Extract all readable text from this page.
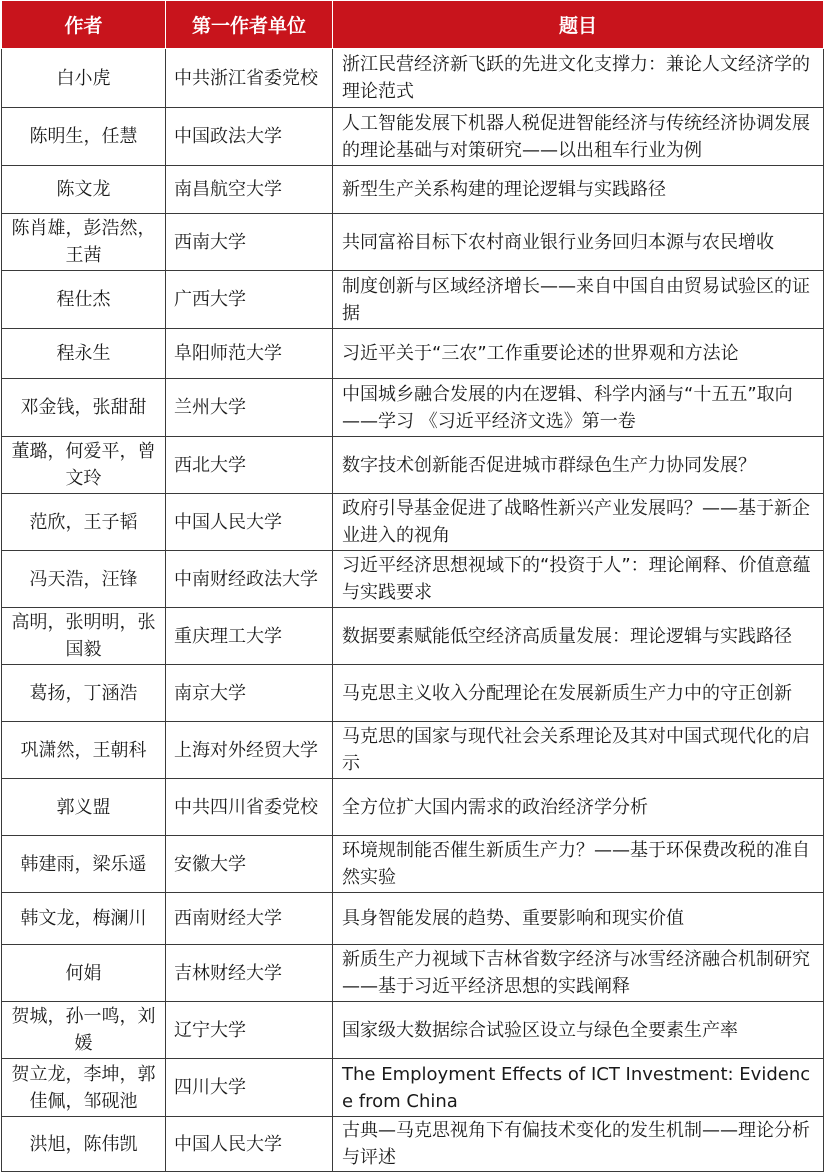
作者	第一作者单位	题目
白小虎	中共浙江省委党校	浙江民营经济新飞跃的先进文化支撑力：兼论人文经济学的理论范式
陈明生，任慧	中国政法大学	人工智能发展下机器人税促进智能经济与传统经济协调发展的理论基础与对策研究——以出租车行业为例
陈文龙	南昌航空大学	新型生产关系构建的理论逻辑与实践路径
陈肖雄，彭浩然，王茜	西南大学	共同富裕目标下农村商业银行业务回归本源与农民增收
程仕杰	广西大学	制度创新与区域经济增长——来自中国自由贸易试验区的证据
程永生	阜阳师范大学	习近平关于“三农”工作重要论述的世界观和方法论
邓金钱，张甜甜	兰州大学	中国城乡融合发展的内在逻辑、科学内涵与“十五五”取向——学习 《习近平经济文选》第一卷
董璐，何爱平，曾文玲	西北大学	数字技术创新能否促进城市群绿色生产力协同发展？
范欣，王子韬	中国人民大学	政府引导基金促进了战略性新兴产业发展吗？——基于新企业进入的视角
冯天浩，汪锋	中南财经政法大学	习近平经济思想视域下的“投资于人”：理论阐释、价值意蕴与实践要求
高明，张明明，张国毅	重庆理工大学	数据要素赋能低空经济高质量发展：理论逻辑与实践路径
葛扬，丁涵浩	南京大学	马克思主义收入分配理论在发展新质生产力中的守正创新
巩潇然，王朝科	上海对外经贸大学	马克思的国家与现代社会关系理论及其对中国式现代化的启示
郭义盟	中共四川省委党校	全方位扩大国内需求的政治经济学分析
韩建雨，梁乐遥	安徽大学	环境规制能否催生新质生产力？——基于环保费改税的准自然实验
韩文龙，梅澜川	西南财经大学	具身智能发展的趋势、重要影响和现实价值
何娟	吉林财经大学	新质生产力视域下吉林省数字经济与冰雪经济融合机制研究——基于习近平经济思想的实践阐释
贺城，孙一鸣，刘媛	辽宁大学	国家级大数据综合试验区设立与绿色全要素生产率
贺立龙，李坤，郭佳佩，邹砚池	四川大学	The Employment Effects of ICT Investment: Evidence from China
洪旭，陈伟凯	中国人民大学	古典—马克思视角下有偏技术变化的发生机制——理论分析与评述
